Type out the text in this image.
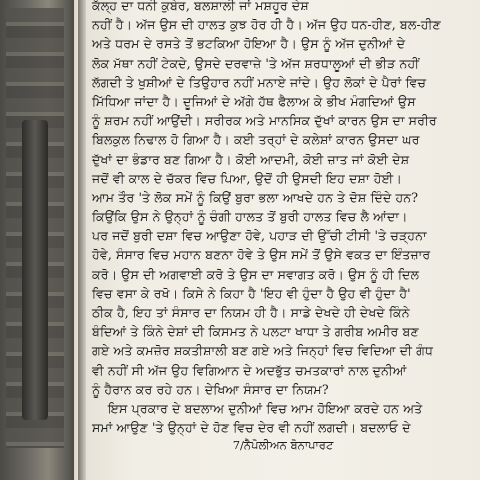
ਕੱਲ੍ਹ ਦਾ ਧਨੀ ਕੁਬੇਰ, ਬਲਸ਼ਾਲੀ ਜਾਂ ਮਸ਼ਹੂਰ ਦੇਸ਼
ਨਹੀਂ ਹੈ। ਅੱਜ ਉਸ ਦੀ ਹਾਲਤ ਕੁਝ ਹੋਰ ਹੀ ਹੈ। ਅੱਜ ਉਹ ਧਨ-ਹੀਣ, ਬਲ-ਹੀਣ
ਅਤੇ ਧਰਮ ਦੇ ਰਸਤੇ ਤੋਂ ਭਟਕਿਆ ਹੋਇਆ ਹੈ। ਉਸ ਨੂੰ ਅੱਜ ਦੁਨੀਆਂ ਦੇ
ਲੋਕ ਮੱਥਾ ਨਹੀਂ ਟੇਕਦੇ, ਉਸਦੇ ਦਰਵਾਜ਼ੇ 'ਤੇ ਅੱਜ ਸ਼ਰਧਾਲੂਆਂ ਦੀ ਭੀੜ ਨਹੀਂ
ਲੱਗਦੀ ਤੇ ਖੁਸ਼ੀਆਂ ਦੇ ਤਿਉਹਾਰ ਨਹੀਂ ਮਨਾਏ ਜਾਂਦੇ। ਉਹ ਲੋਕਾਂ ਦੇ ਪੈਰਾਂ ਵਿਚ
ਮਿੱਧਿਆ ਜਾਂਦਾ ਹੈ। ਦੂਜਿਆਂ ਦੇ ਅੱਗੇ ਹੱਥ ਫੈਲਾਅ ਕੇ ਭੀਖ ਮੰਗਦਿਆਂ ਉਸ
ਨੂੰ ਸ਼ਰਮ ਨਹੀਂ ਆਉਂਦੀ। ਸਰੀਰਕ ਅਤੇ ਮਾਨਸਿਕ ਦੁੱਖਾਂ ਕਾਰਨ ਉਸ ਦਾ ਸਰੀਰ
ਬਿਲਕੁਲ ਨਿਢਾਲ ਹੋ ਗਿਆ ਹੈ। ਕਈ ਤਰ੍ਹਾਂ ਦੇ ਕਲੇਸ਼ਾਂ ਕਾਰਨ ਉਸਦਾ ਘਰ
ਦੁੱਖਾਂ ਦਾ ਭੰਡਾਰ ਬਣ ਗਿਆ ਹੈ। ਕੋਈ ਆਦਮੀ, ਕੋਈ ਜ਼ਾਤ ਜਾਂ ਕੋਈ ਦੇਸ਼
ਜਦੋਂ ਵੀ ਕਾਲ ਦੇ ਚੱਕਰ ਵਿਚ ਪਿਆ, ਉਦੋਂ ਹੀ ਉਸਦੀ ਇਹ ਦਸ਼ਾ ਹੋਈ।
ਆਮ ਤੌਰ 'ਤੇ ਲੋਕ ਸਮੇਂ ਨੂੰ ਕਿਉਂ ਬੁਰਾ ਭਲਾ ਆਖਦੇ ਹਨ ਤੇ ਦੋਸ਼ ਦਿੰਦੇ ਹਨ?
ਕਿਉਂਕਿ ਉਸ ਨੇ ਉਨ੍ਹਾਂ ਨੂੰ ਚੰਗੀ ਹਾਲਤ ਤੋਂ ਬੁਰੀ ਹਾਲਤ ਵਿਚ ਲੈ ਆਂਦਾ।
ਪਰ ਜਦੋਂ ਬੁਰੀ ਦਸ਼ਾ ਵਿਚ ਆਉਣਾ ਹੋਵੇ, ਪਹਾੜ ਦੀ ਉੱਚੀ ਟੀਸੀ 'ਤੇ ਚੜ੍ਹਨਾ
ਹੋਵੇ, ਸੰਸਾਰ ਵਿਚ ਮਹਾਨ ਬਣਨਾ ਹੋਵੇ ਤੇ ਉਸ ਸਮੇਂ ਤੋਂ ਉਸੇ ਵਕਤ ਦਾ ਇੰਤਜ਼ਾਰ
ਕਰੋ। ਉਸ ਦੀ ਅਗਵਾਈ ਕਰੋ ਤੇ ਉਸ ਦਾ ਸਵਾਗਤ ਕਰੋ। ਉਸ ਨੂੰ ਹੀ ਦਿਲ
ਵਿਚ ਵਸਾ ਕੇ ਰਖੋ। ਕਿਸੇ ਨੇ ਕਿਹਾ ਹੈ 'ਇਹ ਵੀ ਹੁੰਦਾ ਹੈ ਉਹ ਵੀ ਹੁੰਦਾ ਹੈ'
ਠੀਕ ਹੈ, ਇਹ ਤਾਂ ਸੰਸਾਰ ਦਾ ਨਿਯਮ ਹੀ ਹੈ। ਸਾਡੇ ਦੇਖਦੇ ਹੀ ਦੇਖਦੇ ਕਿੰਨੇ
ਬੰਦਿਆਂ ਤੇ ਕਿੰਨੇ ਦੇਸ਼ਾਂ ਦੀ ਕਿਸਮਤ ਨੇ ਪਲਟਾ ਖਾਧਾ ਤੇ ਗਰੀਬ ਅਮੀਰ ਬਣ
ਗਏ ਅਤੇ ਕਮਜ਼ੋਰ ਸ਼ਕਤੀਸ਼ਾਲੀ ਬਣ ਗਏ ਅਤੇ ਜਿਨ੍ਹਾਂ ਵਿਚ ਵਿਦਿਆ ਦੀ ਗੰਧ
ਵੀ ਨਹੀਂ ਸੀ ਅੱਜ ਉਹ ਵਿਗਿਆਨ ਦੇ ਅਦਭੁੱਤ ਚਮਤਕਾਰਾਂ ਨਾਲ ਦੁਨੀਆਂ
ਨੂੰ ਹੈਰਾਨ ਕਰ ਰਹੇ ਹਨ। ਦੇਖਿਆ ਸੰਸਾਰ ਦਾ ਨਿਯਮ?
ਇਸ ਪ੍ਰਕਾਰ ਦੇ ਬਦਲਾਅ ਦੁਨੀਆਂ ਵਿਚ ਆਮ ਹੋਇਆ ਕਰਦੇ ਹਨ ਅਤੇ
ਸਮਾਂ ਆਉਣ 'ਤੇ ਉਨ੍ਹਾਂ ਦੇ ਹੋਣ ਵਿਚ ਦੇਰ ਵੀ ਨਹੀਂ ਲਗਦੀ। ਬਦਲਾਓ ਦੇ
7/ਨੈਪੋਲੀਅਨ ਬੋਨਾਪਾਰਟ
